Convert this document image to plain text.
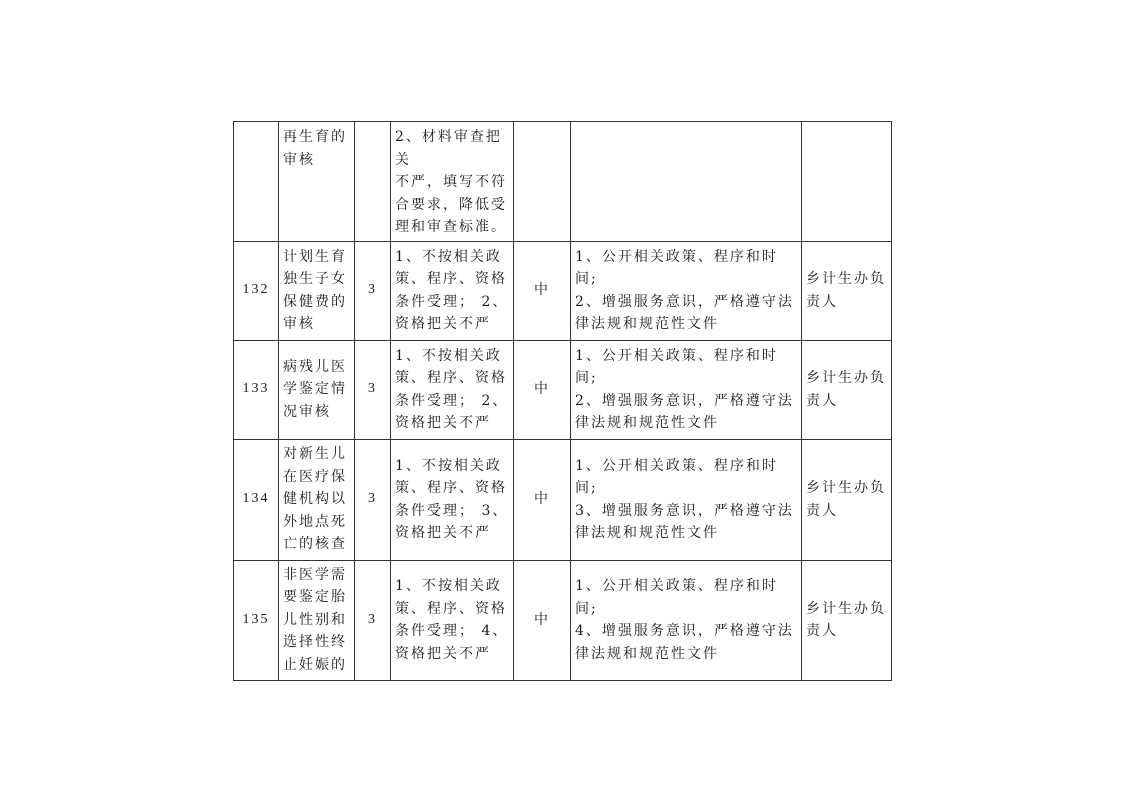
	再生育的
审核		2、材料审查把关
不严，填写不符
合要求，降低受
理和审查标准。			

132	计划生育
独生子女
保健费的
审核	3	1、不按相关政
策、程序、资格
条件受理； 2、
资格把关不严	中	1、公开相关政策、程序和时间;
2、增强服务意识，严格遵守法
律法规和规范性文件	乡计生办负
责人

133	病残儿医
学鉴定情
况审核	3	1、不按相关政
策、程序、资格
条件受理； 2、
资格把关不严	中	1、公开相关政策、程序和时间;
2、增强服务意识，严格遵守法
律法规和规范性文件	乡计生办负
责人

134	对新生儿
在医疗保
健机构以
外地点死
亡的核查	3	1、不按相关政
策、程序、资格
条件受理； 3、
资格把关不严	中	1、公开相关政策、程序和时间;
3、增强服务意识，严格遵守法
律法规和规范性文件	乡计生办负
责人

135	非医学需
要鉴定胎
儿性别和
选择性终
止妊娠的	3	1、不按相关政
策、程序、资格
条件受理； 4、
资格把关不严	中	1、公开相关政策、程序和时间;
4、增强服务意识，严格遵守法
律法规和规范性文件	乡计生办负
责人
